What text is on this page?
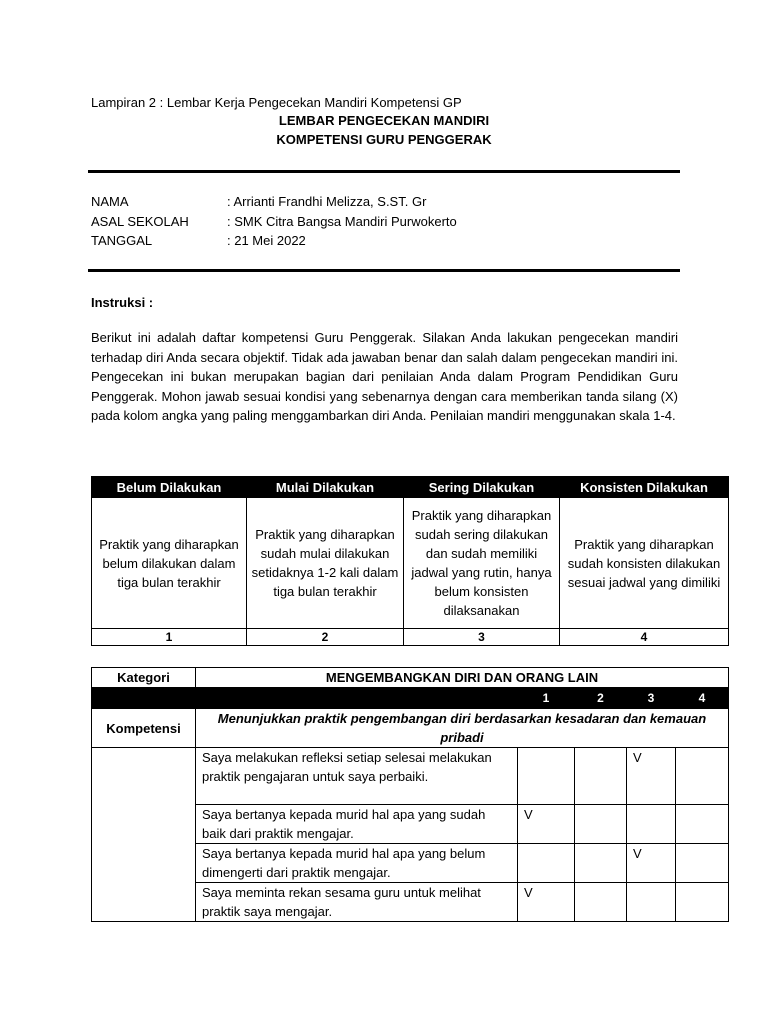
Lampiran 2 : Lembar Kerja Pengecekan Mandiri Kompetensi GP
LEMBAR PENGECEKAN MANDIRI
KOMPETENSI GURU PENGGERAK
NAMA	: Arrianti Frandhi Melizza, S.ST. Gr
ASAL SEKOLAH	: SMK Citra Bangsa Mandiri Purwokerto
TANGGAL	: 21 Mei 2022
Instruksi :
Berikut ini adalah daftar kompetensi Guru Penggerak. Silakan Anda lakukan pengecekan mandiri terhadap diri Anda secara objektif. Tidak ada jawaban benar dan salah dalam pengecekan mandiri ini. Pengecekan ini bukan merupakan bagian dari penilaian Anda dalam Program Pendidikan Guru Penggerak. Mohon jawab sesuai kondisi yang sebenarnya dengan cara memberikan tanda silang (X) pada kolom angka yang paling menggambarkan diri Anda. Penilaian mandiri menggunakan skala 1-4.
Belum Dilakukan	Mulai Dilakukan	Sering Dilakukan	Konsisten Dilakukan
Praktik yang diharapkan belum dilakukan dalam tiga bulan terakhir	Praktik yang diharapkan sudah mulai dilakukan setidaknya 1-2 kali dalam tiga bulan terakhir	Praktik yang diharapkan sudah sering dilakukan dan sudah memiliki jadwal yang rutin, hanya belum konsisten dilaksanakan	Praktik yang diharapkan sudah konsisten dilakukan sesuai jadwal yang dimiliki
1	2	3	4
Kategori	MENGEMBANGKAN DIRI DAN ORANG LAIN				
		1	2	3	4
Kompetensi	Menunjukkan praktik pengembangan diri berdasarkan kesadaran dan kemauan pribadi				
	Saya melakukan refleksi setiap selesai melakukan praktik pengajaran untuk saya perbaiki.			V	
	Saya bertanya kepada murid hal apa yang sudah baik dari praktik mengajar.	V			
	Saya bertanya kepada murid hal apa yang belum dimengerti dari praktik mengajar.			V	
	Saya meminta rekan sesama guru untuk melihat praktik saya mengajar.	V			
